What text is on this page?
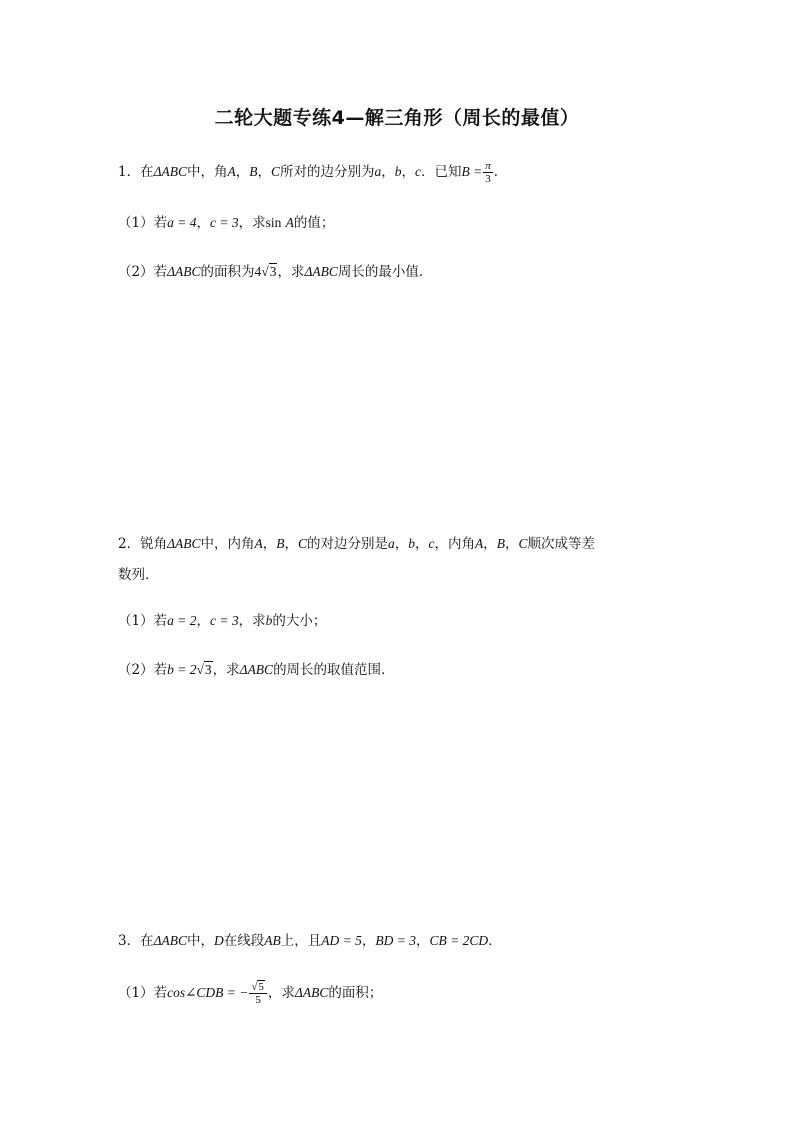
二轮大题专练4—解三角形（周长的最值）
1．在ΔABC中，角A，B，C所对的边分别为a，b，c．已知$B = \frac{\pi}{3}$ ．
（1）若a = 4，c = 3，求sin A的值；
（2）若ΔABC的面积为4√3，求ΔABC周长的最小值．
2．锐角ΔABC中，内角A，B，C的对边分别是a，b，c，内角A，B，C顺次成等差
数列．
（1）若a = 2，c = 3，求b的大小；
（2）若b = 2√3，求ΔABC的周长的取值范围．
3．在ΔABC中，D在线段AB上，且AD = 5，BD = 3，CB = 2CD．
（1）若cos∠CDB = − $\frac{√5}{5}$ ，求ΔABC的面积；
